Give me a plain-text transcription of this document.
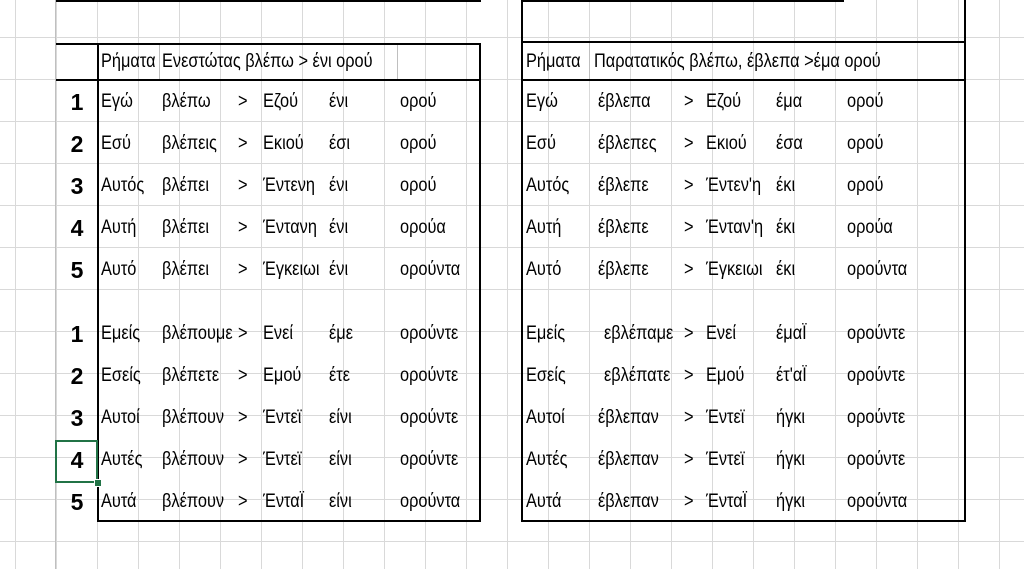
Ρήματα Ενεστώτας βλέπω > ένι ορού
1 Εγώ βλέπω > Εζού ένι	ορού
2 Εσύ βλέπεις > Εκιού έσι	ορού
3 Αυτός βλέπει > Έντενη ένι	ορού
4 Αυτή βλέπει > Έντανη ένι	ορούα
5 Αυτό βλέπει > Έγκειωι ένι	ορούντα
1 Εμείς βλέπουμε > Ενεί έμε ορούντε
2 Εσείς βλέπετε > Εμού έτε	ορούντε
3 Αυτοί βλέπουν > Έντεϊ είνι	ορούντε
4 Αυτές βλέπουν > Έντεϊ είνι	ορούντε
5 Αυτά βλέπουν > ΈνταΪ είνι	ορούντα
Ρήματα Παρατατικός βλέπω, έβλεπα >έμα ορού
Εγώ έβλεπα > Εζού έμα ορού
Εσύ έβλεπες > Εκιού έσα ορού
Αυτός έβλεπε > Έντεν'η έκι	ορού
Αυτή έβλεπε > Ένταν'η έκι	ορούα
Αυτό έβλεπε > Έγκειωι έκι	ορούντα
Εμείς εβλέπαμε > Ενεί έμαΪ ορούντε
Εσείς εβλέπατε > Εμού έτ'αΪ ορούντε
Αυτοί έβλεπαν > Έντεϊ ήγκι ορούντε
Αυτές έβλεπαν > Έντεϊ ήγκι ορούντε
Αυτά έβλεπαν > ΈνταΪ ήγκι ορούντα
